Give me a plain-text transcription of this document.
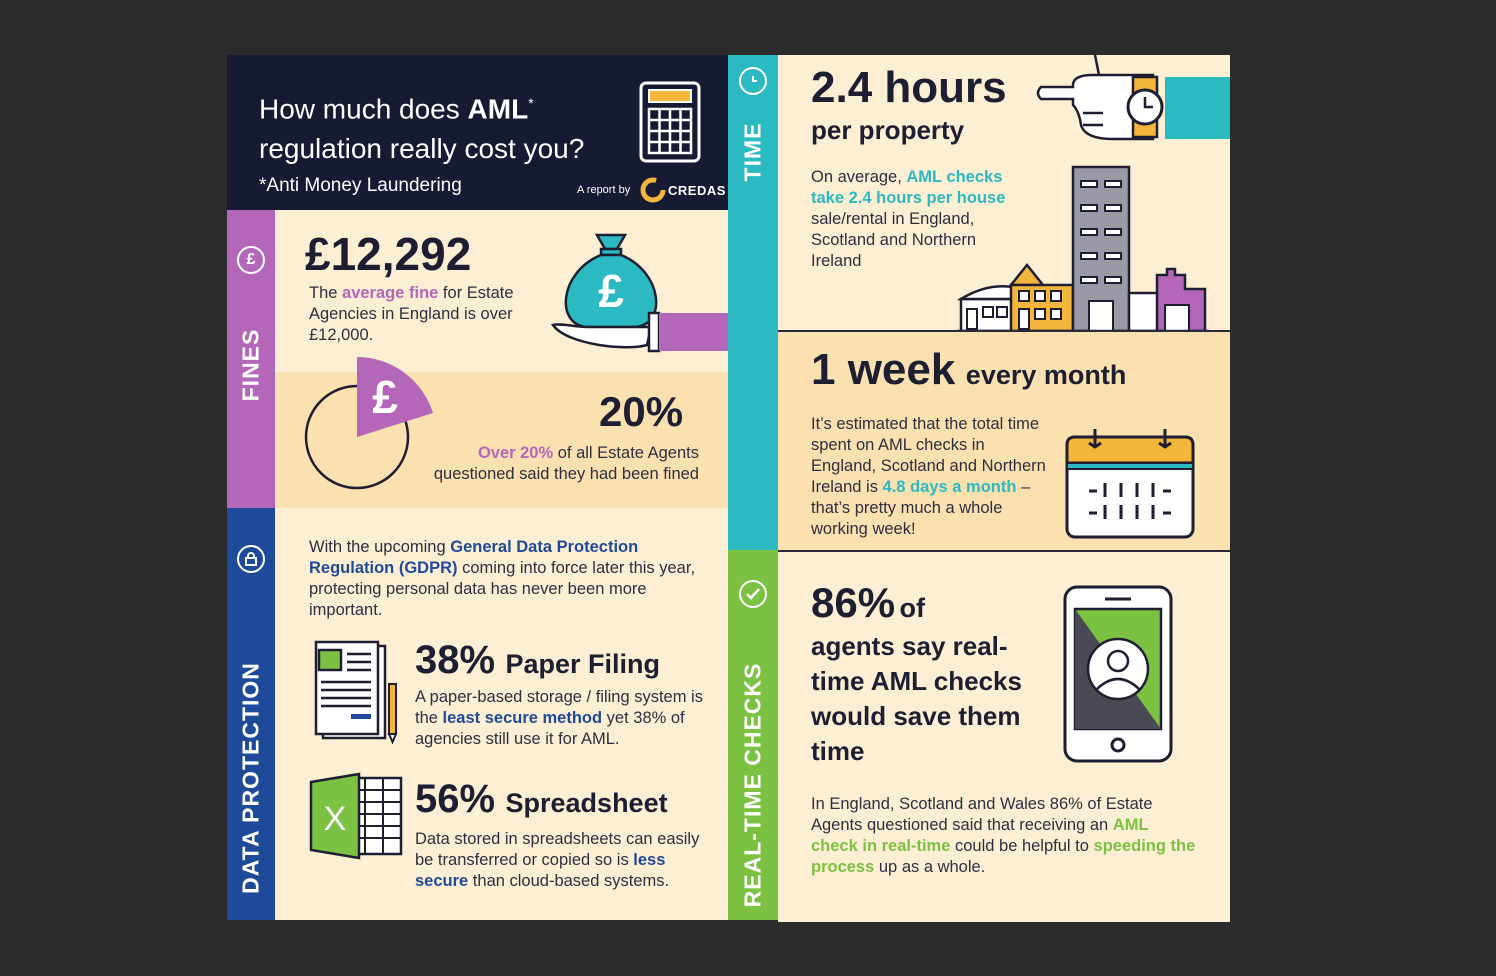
How much does AML*
regulation really cost you?
*Anti Money Laundering	A report by	CREDAS
£
FINES
£12,292
The average fine for Estate Agencies in England is over £12,000.
£
£	20%
Over 20% of all Estate Agents questioned said they had been fined
DATA PROTECTION
With the upcoming General Data Protection Regulation (GDPR) coming into force later this year, protecting personal data has never been more important.
38% Paper Filing
A paper-based storage / filing system is the least secure method yet 38% of agencies still use it for AML.
X 56% Spreadsheet
Data stored in spreadsheets can easily be transferred or copied so is less secure than cloud-based systems.
TIME
2.4 hours
per property
On average, AML checks take 2.4 hours per house sale/rental in England, Scotland and Northern Ireland
1 week every month
It’s estimated that the total time spent on AML checks in England, Scotland and Northern Ireland is 4.8 days a month – that’s pretty much a whole working week!
REAL-TIME CHECKS
86% of
agents say real-time AML checks would save them time
In England, Scotland and Wales 86% of Estate Agents questioned said that receiving an AML check in real-time could be helpful to speeding the process up as a whole.
